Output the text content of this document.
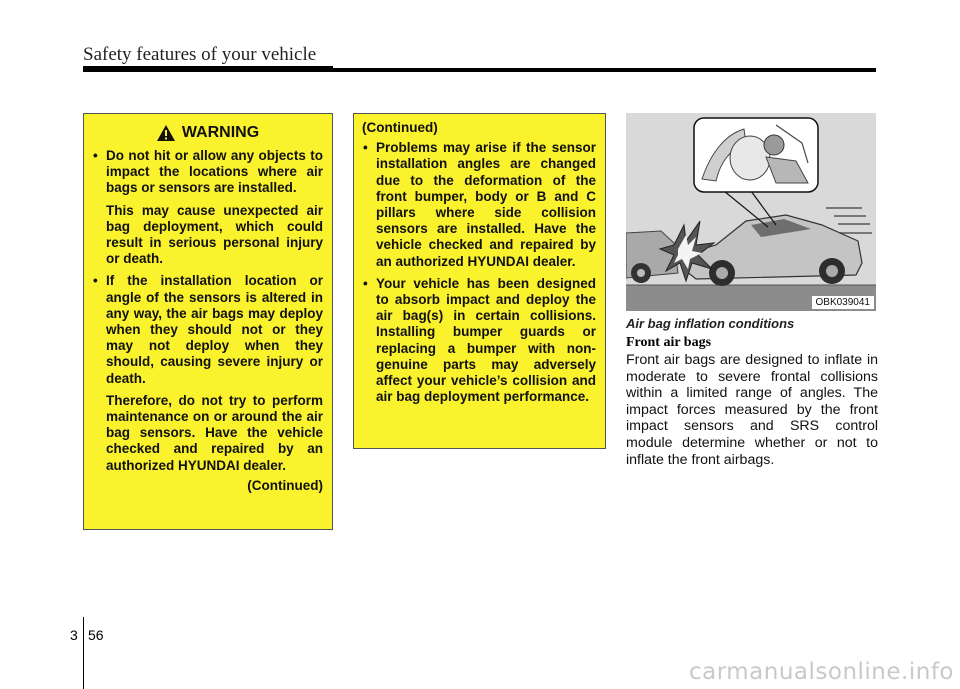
Safety features of your vehicle
WARNING
• Do not hit or allow any objects to impact the locations where air bags or sensors are installed.
This may cause unexpected air bag deployment, which could result in serious personal injury or death.
• If the installation location or angle of the sensors is altered in any way, the air bags may deploy when they should not or they may not deploy when they should, causing severe injury or death.
Therefore, do not try to perform maintenance on or around the air bag sensors. Have the vehicle checked and repaired by an authorized HYUNDAI dealer.
(Continued)
(Continued)
• Problems may arise if the sensor installation angles are changed due to the deformation of the front bumper, body or B and C pillars where side collision sensors are installed. Have the vehicle checked and repaired by an authorized HYUNDAI dealer.
• Your vehicle has been designed to absorb impact and deploy the air bag(s) in certain collisions. Installing bumper guards or replacing a bumper with non-genuine parts may adversely affect your vehicle’s collision and air bag deployment performance.
OBK039041
Air bag inflation conditions
Front air bags
Front air bags are designed to inflate in moderate to severe frontal collisions within a limited range of angles. The impact forces measured by the front impact sensors and SRS control module determine whether or not to inflate the front airbags.
3 56
carmanualsonline.info
